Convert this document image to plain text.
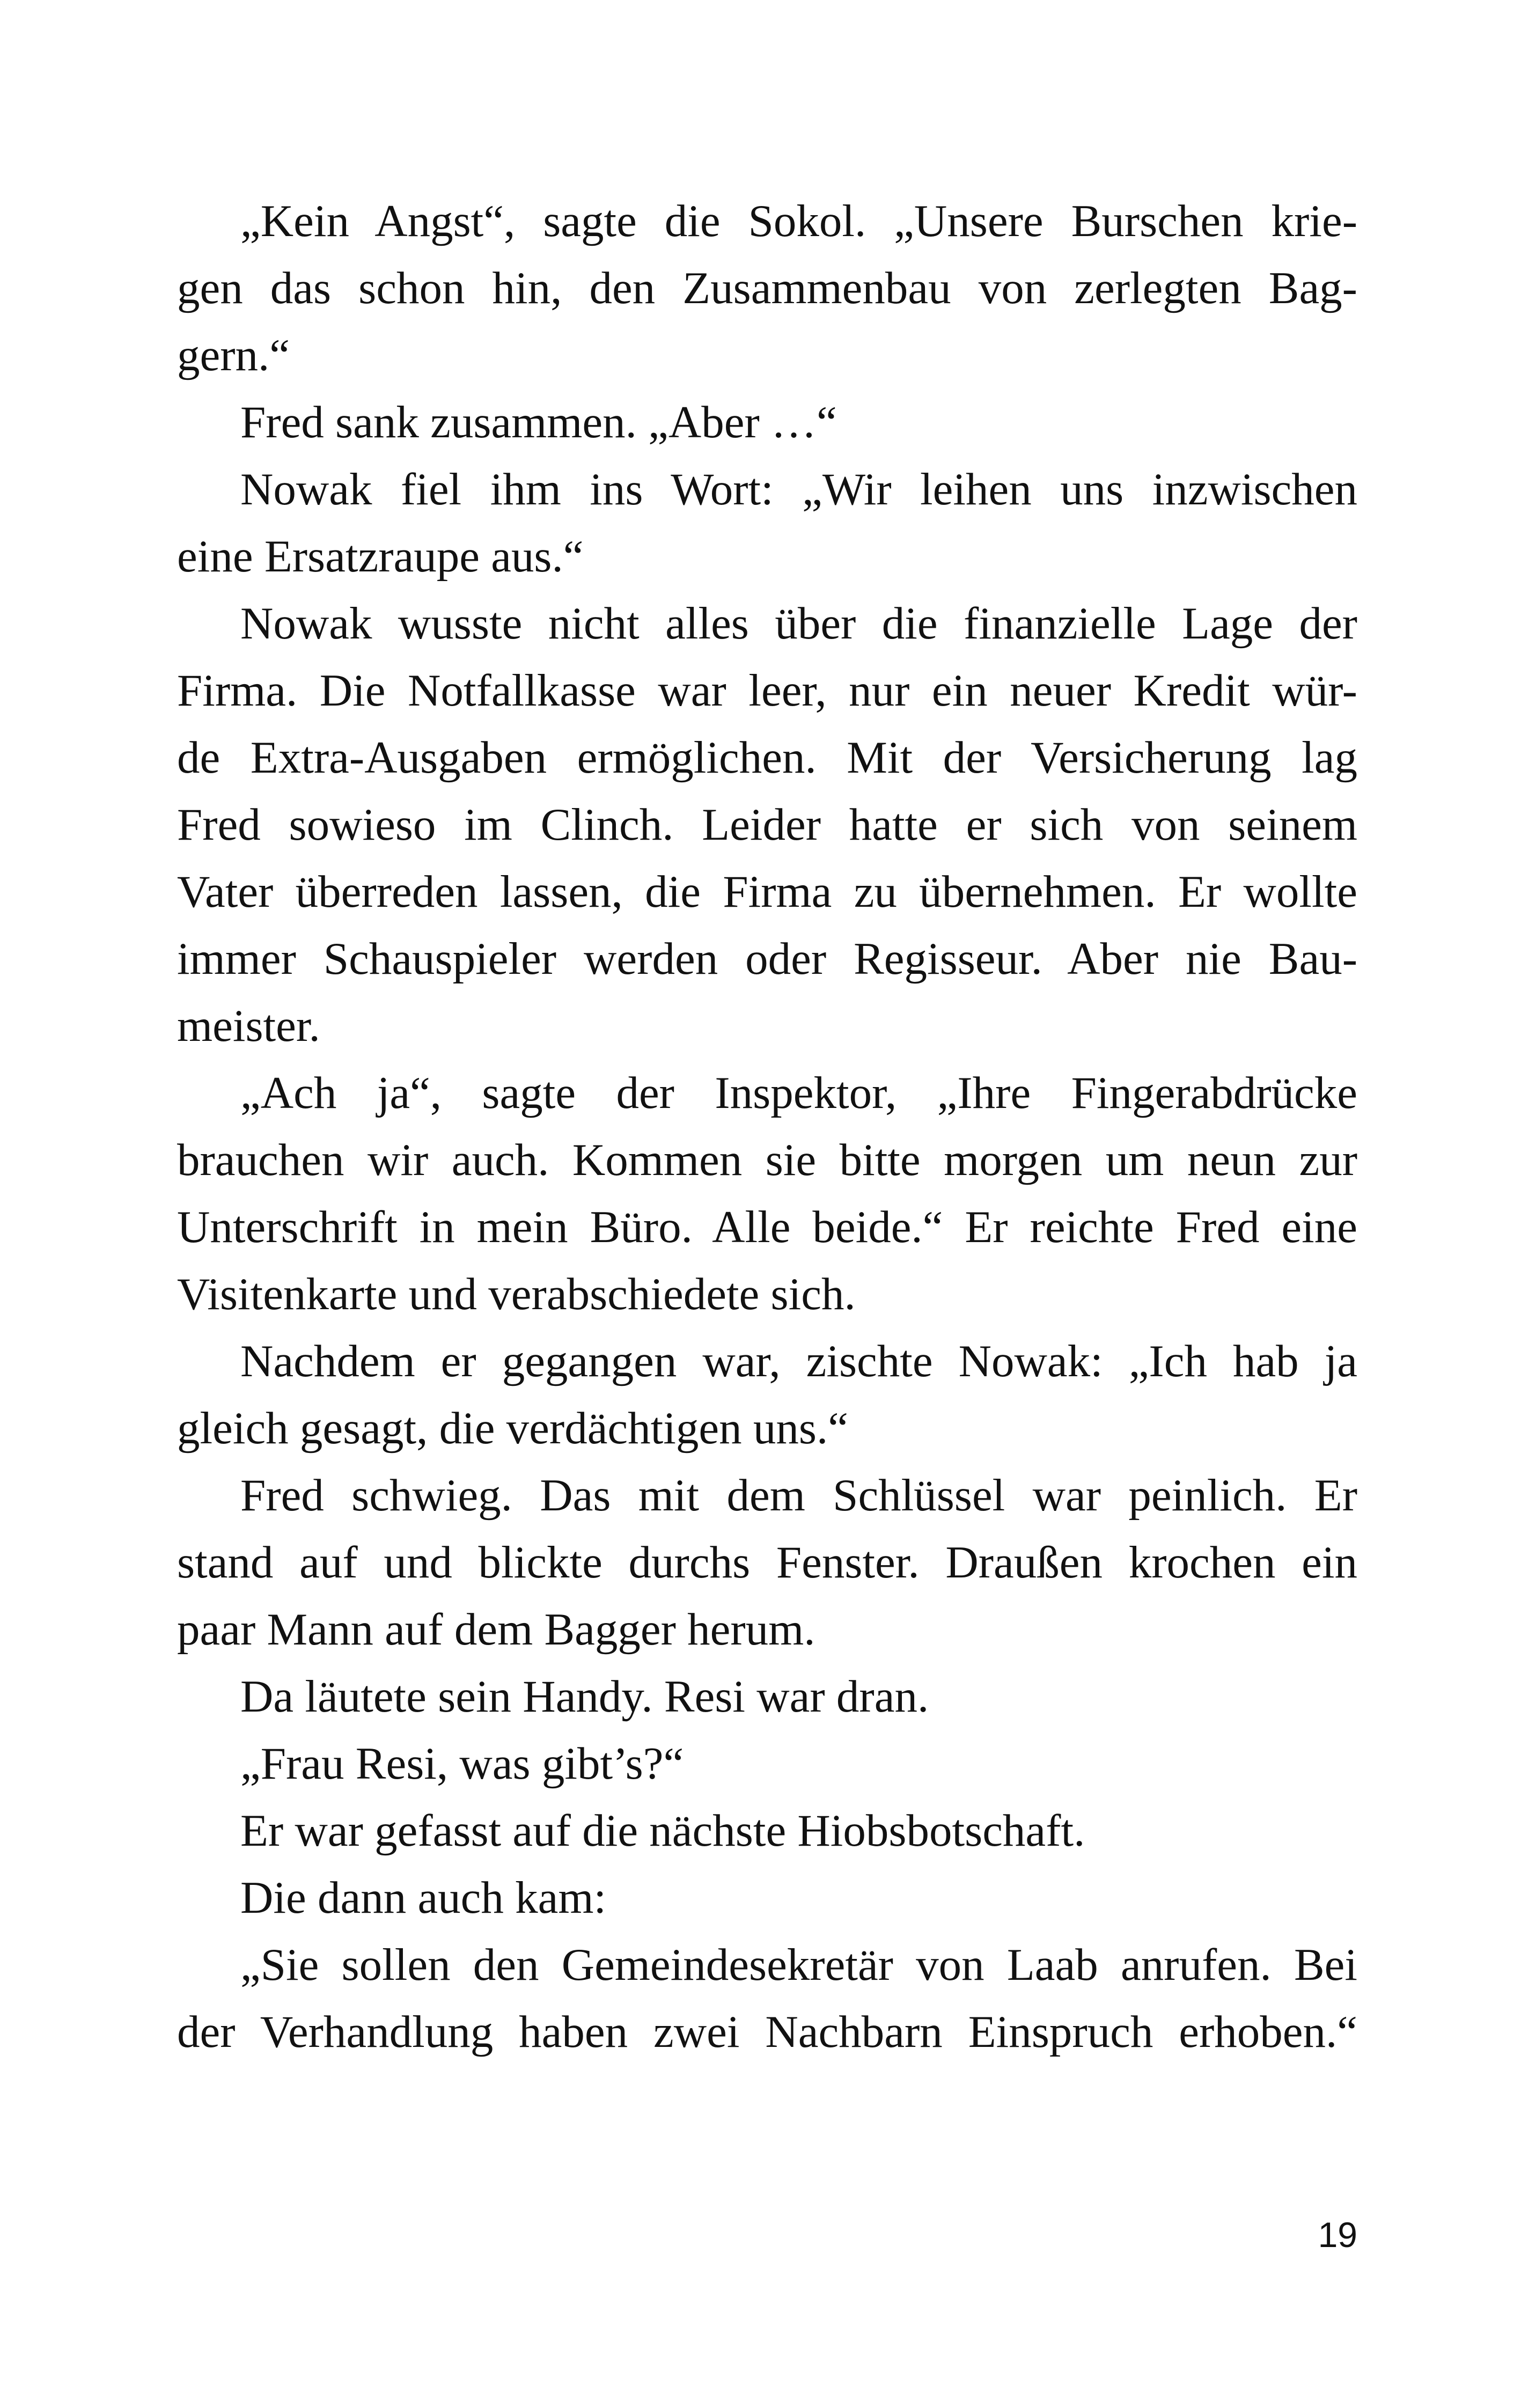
„Kein Angst“, sagte die Sokol. „Unsere Burschen krie-
gen das schon hin, den Zusammenbau von zerlegten Bag-
gern.“
Fred sank zusammen. „Aber …“
Nowak fiel ihm ins Wort: „Wir leihen uns inzwischen
eine Ersatzraupe aus.“
Nowak wusste nicht alles über die finanzielle Lage der
Firma. Die Notfallkasse war leer, nur ein neuer Kredit wür-
de Extra-Ausgaben ermöglichen. Mit der Versicherung lag
Fred sowieso im Clinch. Leider hatte er sich von seinem
Vater überreden lassen, die Firma zu übernehmen. Er wollte
immer Schauspieler werden oder Regisseur. Aber nie Bau-
meister.
„Ach ja“, sagte der Inspektor, „Ihre Fingerabdrücke
brauchen wir auch. Kommen sie bitte morgen um neun zur
Unterschrift in mein Büro. Alle beide.“ Er reichte Fred eine
Visitenkarte und verabschiedete sich.
Nachdem er gegangen war, zischte Nowak: „Ich hab ja
gleich gesagt, die verdächtigen uns.“
Fred schwieg. Das mit dem Schlüssel war peinlich. Er
stand auf und blickte durchs Fenster. Draußen krochen ein
paar Mann auf dem Bagger herum.
Da läutete sein Handy. Resi war dran.
„Frau Resi, was gibt’s?“
Er war gefasst auf die nächste Hiobsbotschaft.
Die dann auch kam:
„Sie sollen den Gemeindesekretär von Laab anrufen. Bei
der Verhandlung haben zwei Nachbarn Einspruch erhoben.“
19
